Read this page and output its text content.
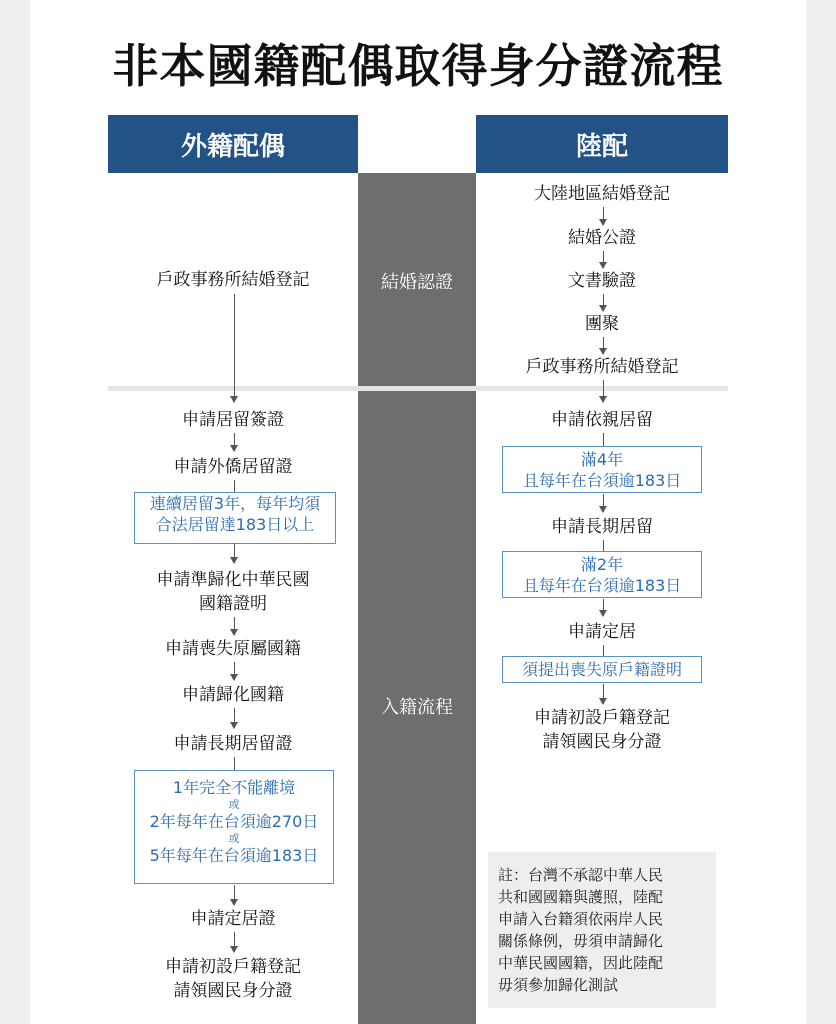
非本國籍配偶取得身分證流程
外籍配偶	陸配
結婚認證
入籍流程
戶政事務所結婚登記
申請居留簽證
申請外僑居留證
連續居留3年，每年均須
合法居留達183日以上
申請準歸化中華民國
國籍證明
申請喪失原屬國籍
申請歸化國籍
申請長期居留證
1年完全不能離境
或
2年每年在台須逾270日
或
5年每年在台須逾183日
申請定居證
申請初設戶籍登記
請領國民身分證
大陸地區結婚登記
結婚公證
文書驗證
團聚
戶政事務所結婚登記
申請依親居留
滿4年
且每年在台須逾183日
申請長期居留
滿2年
且每年在台須逾183日
申請定居
須提出喪失原戶籍證明
申請初設戶籍登記
請領國民身分證
註：台灣不承認中華人民
共和國國籍與護照，陸配
申請入台籍須依兩岸人民
關係條例，毋須申請歸化
中華民國國籍，因此陸配
毋須參加歸化測試
